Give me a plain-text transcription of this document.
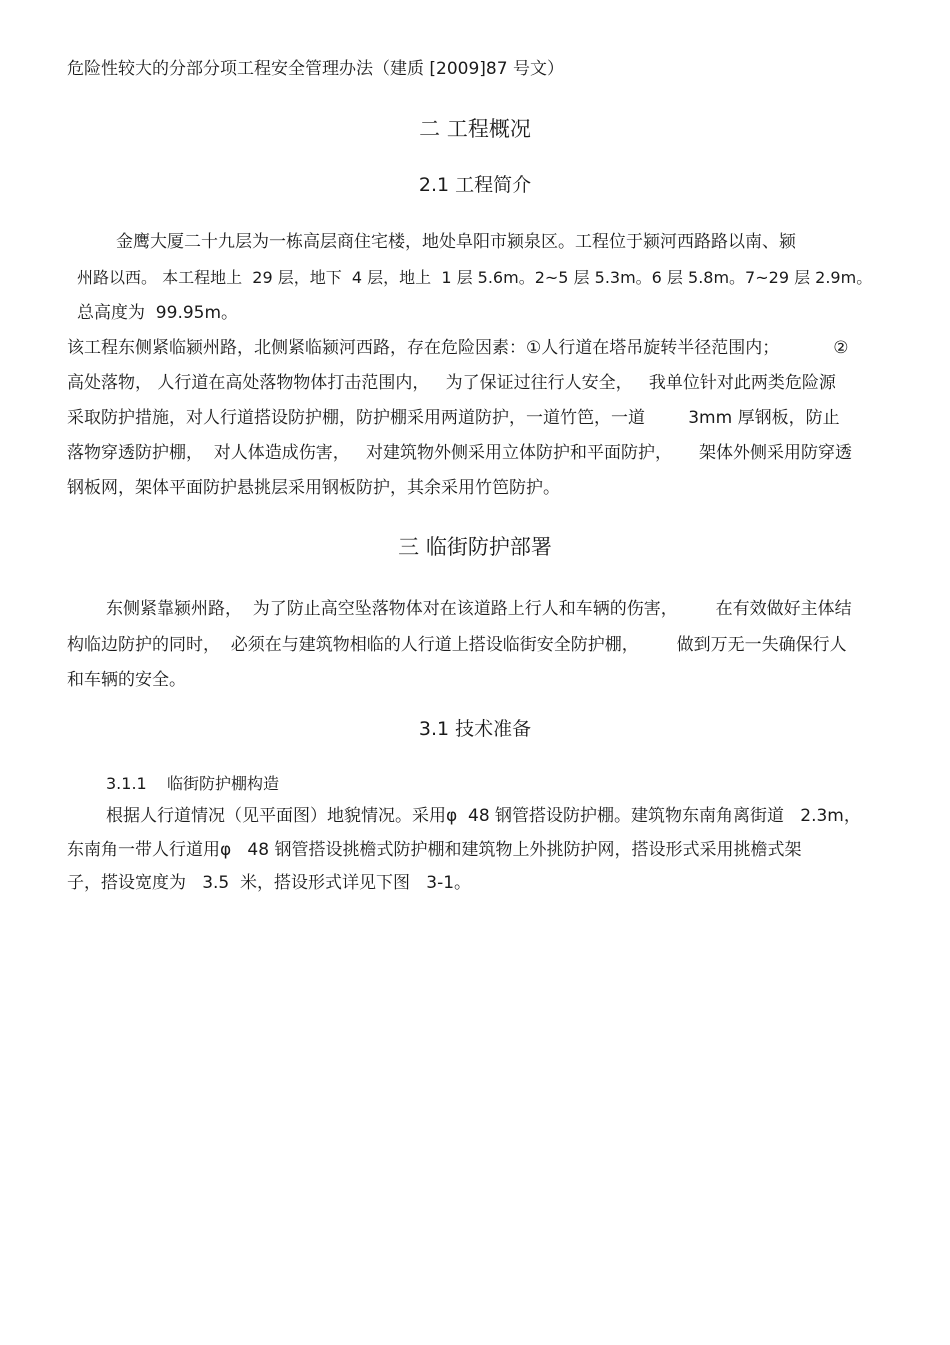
危险性较大的分部分项工程安全管理办法（建质 [2009]87 号文）
二 工程概况
2.1 工程简介
金鹰大厦二十九层为一栋高层商住宅楼，地处阜阳市颍泉区。工程位于颍河西路路以南、颍
州路以西。 本工程地上  29 层，地下  4 层，地上  1 层 5.6m。2~5 层 5.3m。6 层 5.8m。7~29 层 2.9m。
总高度为  99.95m。
该工程东侧紧临颍州路，北侧紧临颍河西路，存在危险因素：①人行道在塔吊旋转半径范围内；          ②
高处落物， 人行道在高处落物物体打击范围内，   为了保证过往行人安全，   我单位针对此两类危险源
采取防护措施，对人行道搭设防护棚，防护棚采用两道防护，一道竹笆，一道        3mm 厚钢板，防止
落物穿透防护棚，  对人体造成伤害，   对建筑物外侧采用立体防护和平面防护，     架体外侧采用防穿透
钢板网，架体平面防护悬挑层采用钢板防护，其余采用竹笆防护。
三 临街防护部署
东侧紧靠颍州路，  为了防止高空坠落物体对在该道路上行人和车辆的伤害，       在有效做好主体结
构临边防护的同时，  必须在与建筑物相临的人行道上搭设临街安全防护棚，       做到万无一失确保行人
和车辆的安全。
3.1 技术准备
3.1.1    临街防护棚构造
根据人行道情况（见平面图）地貌情况。采用φ  48 钢管搭设防护棚。建筑物东南角离街道   2.3m，
东南角一带人行道用φ   48 钢管搭设挑檐式防护棚和建筑物上外挑防护网，搭设形式采用挑檐式架
子，搭设宽度为   3.5  米，搭设形式详见下图   3-1。
